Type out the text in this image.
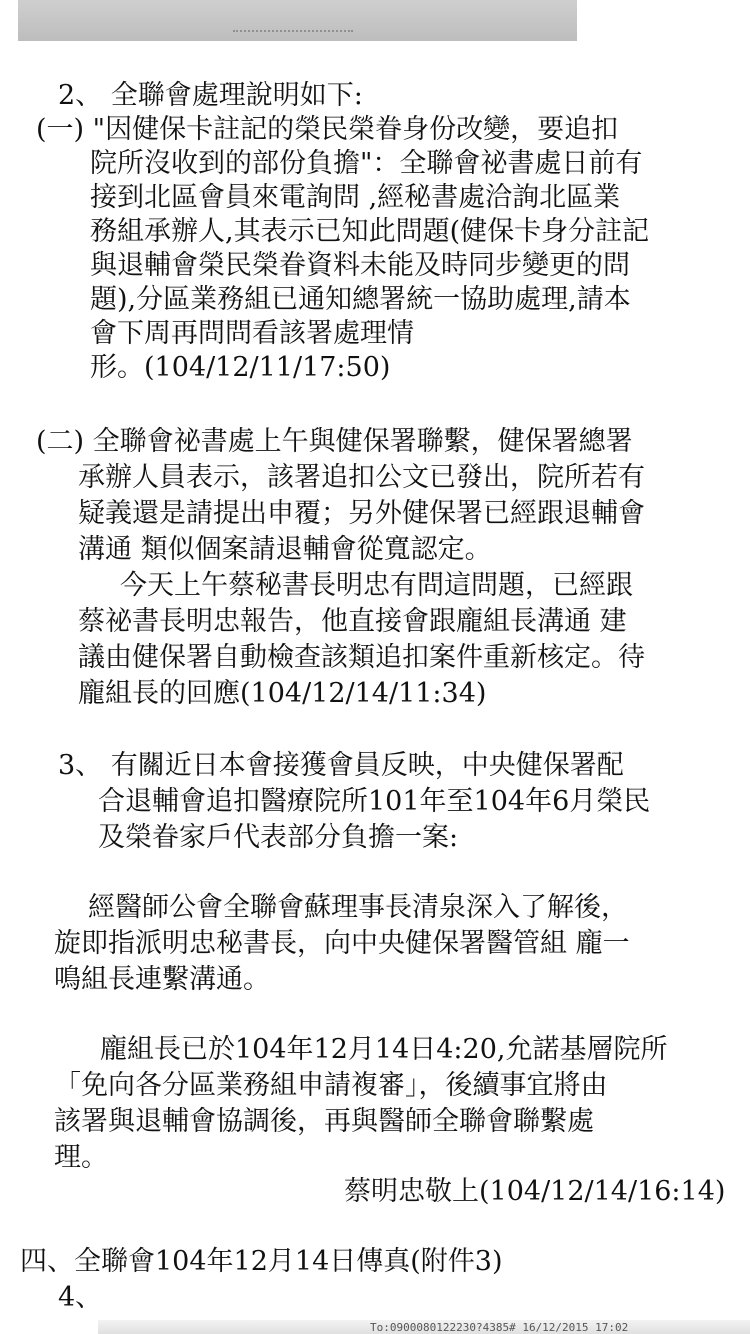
2、 全聯會處理說明如下:
(一) "因健保卡註記的榮民榮眷身份改變，要追扣
院所沒收到的部份負擔"：全聯會祕書處日前有
接到北區會員來電詢問 ,經秘書處洽詢北區業
務組承辦人,其表示已知此問題(健保卡身分註記
與退輔會榮民榮眷資料未能及時同步變更的問
題),分區業務組已通知總署統一協助處理,請本
會下周再問問看該署處理情
形。(104/12/11/17:50)
(二) 全聯會祕書處上午與健保署聯繫，健保署總署
承辦人員表示，該署追扣公文已發出，院所若有
疑義還是請提出申覆；另外健保署已經跟退輔會
溝通 類似個案請退輔會從寬認定。
今天上午蔡秘書長明忠有問這問題，已經跟
蔡祕書長明忠報告，他直接會跟龐組長溝通 建
議由健保署自動檢查該類追扣案件重新核定。待
龐組長的回應(104/12/14/11:34)
3、 有關近日本會接獲會員反映，中央健保署配
合退輔會追扣醫療院所101年至104年6月榮民
及榮眷家戶代表部分負擔一案:
經醫師公會全聯會蘇理事長清泉深入了解後，
旋即指派明忠秘書長，向中央健保署醫管組 龐一
鳴組長連繫溝通。
龐組長已於104年12月14日4:20,允諾基層院所
「免向各分區業務組申請複審」，後續事宜將由
該署與退輔會協調後，再與醫師全聯會聯繫處
理。
蔡明忠敬上(104/12/14/16:14)
四、全聯會104年12月14日傳真(附件3)
4、
To:0900080122230?4385# 16/12/2015 17:02
